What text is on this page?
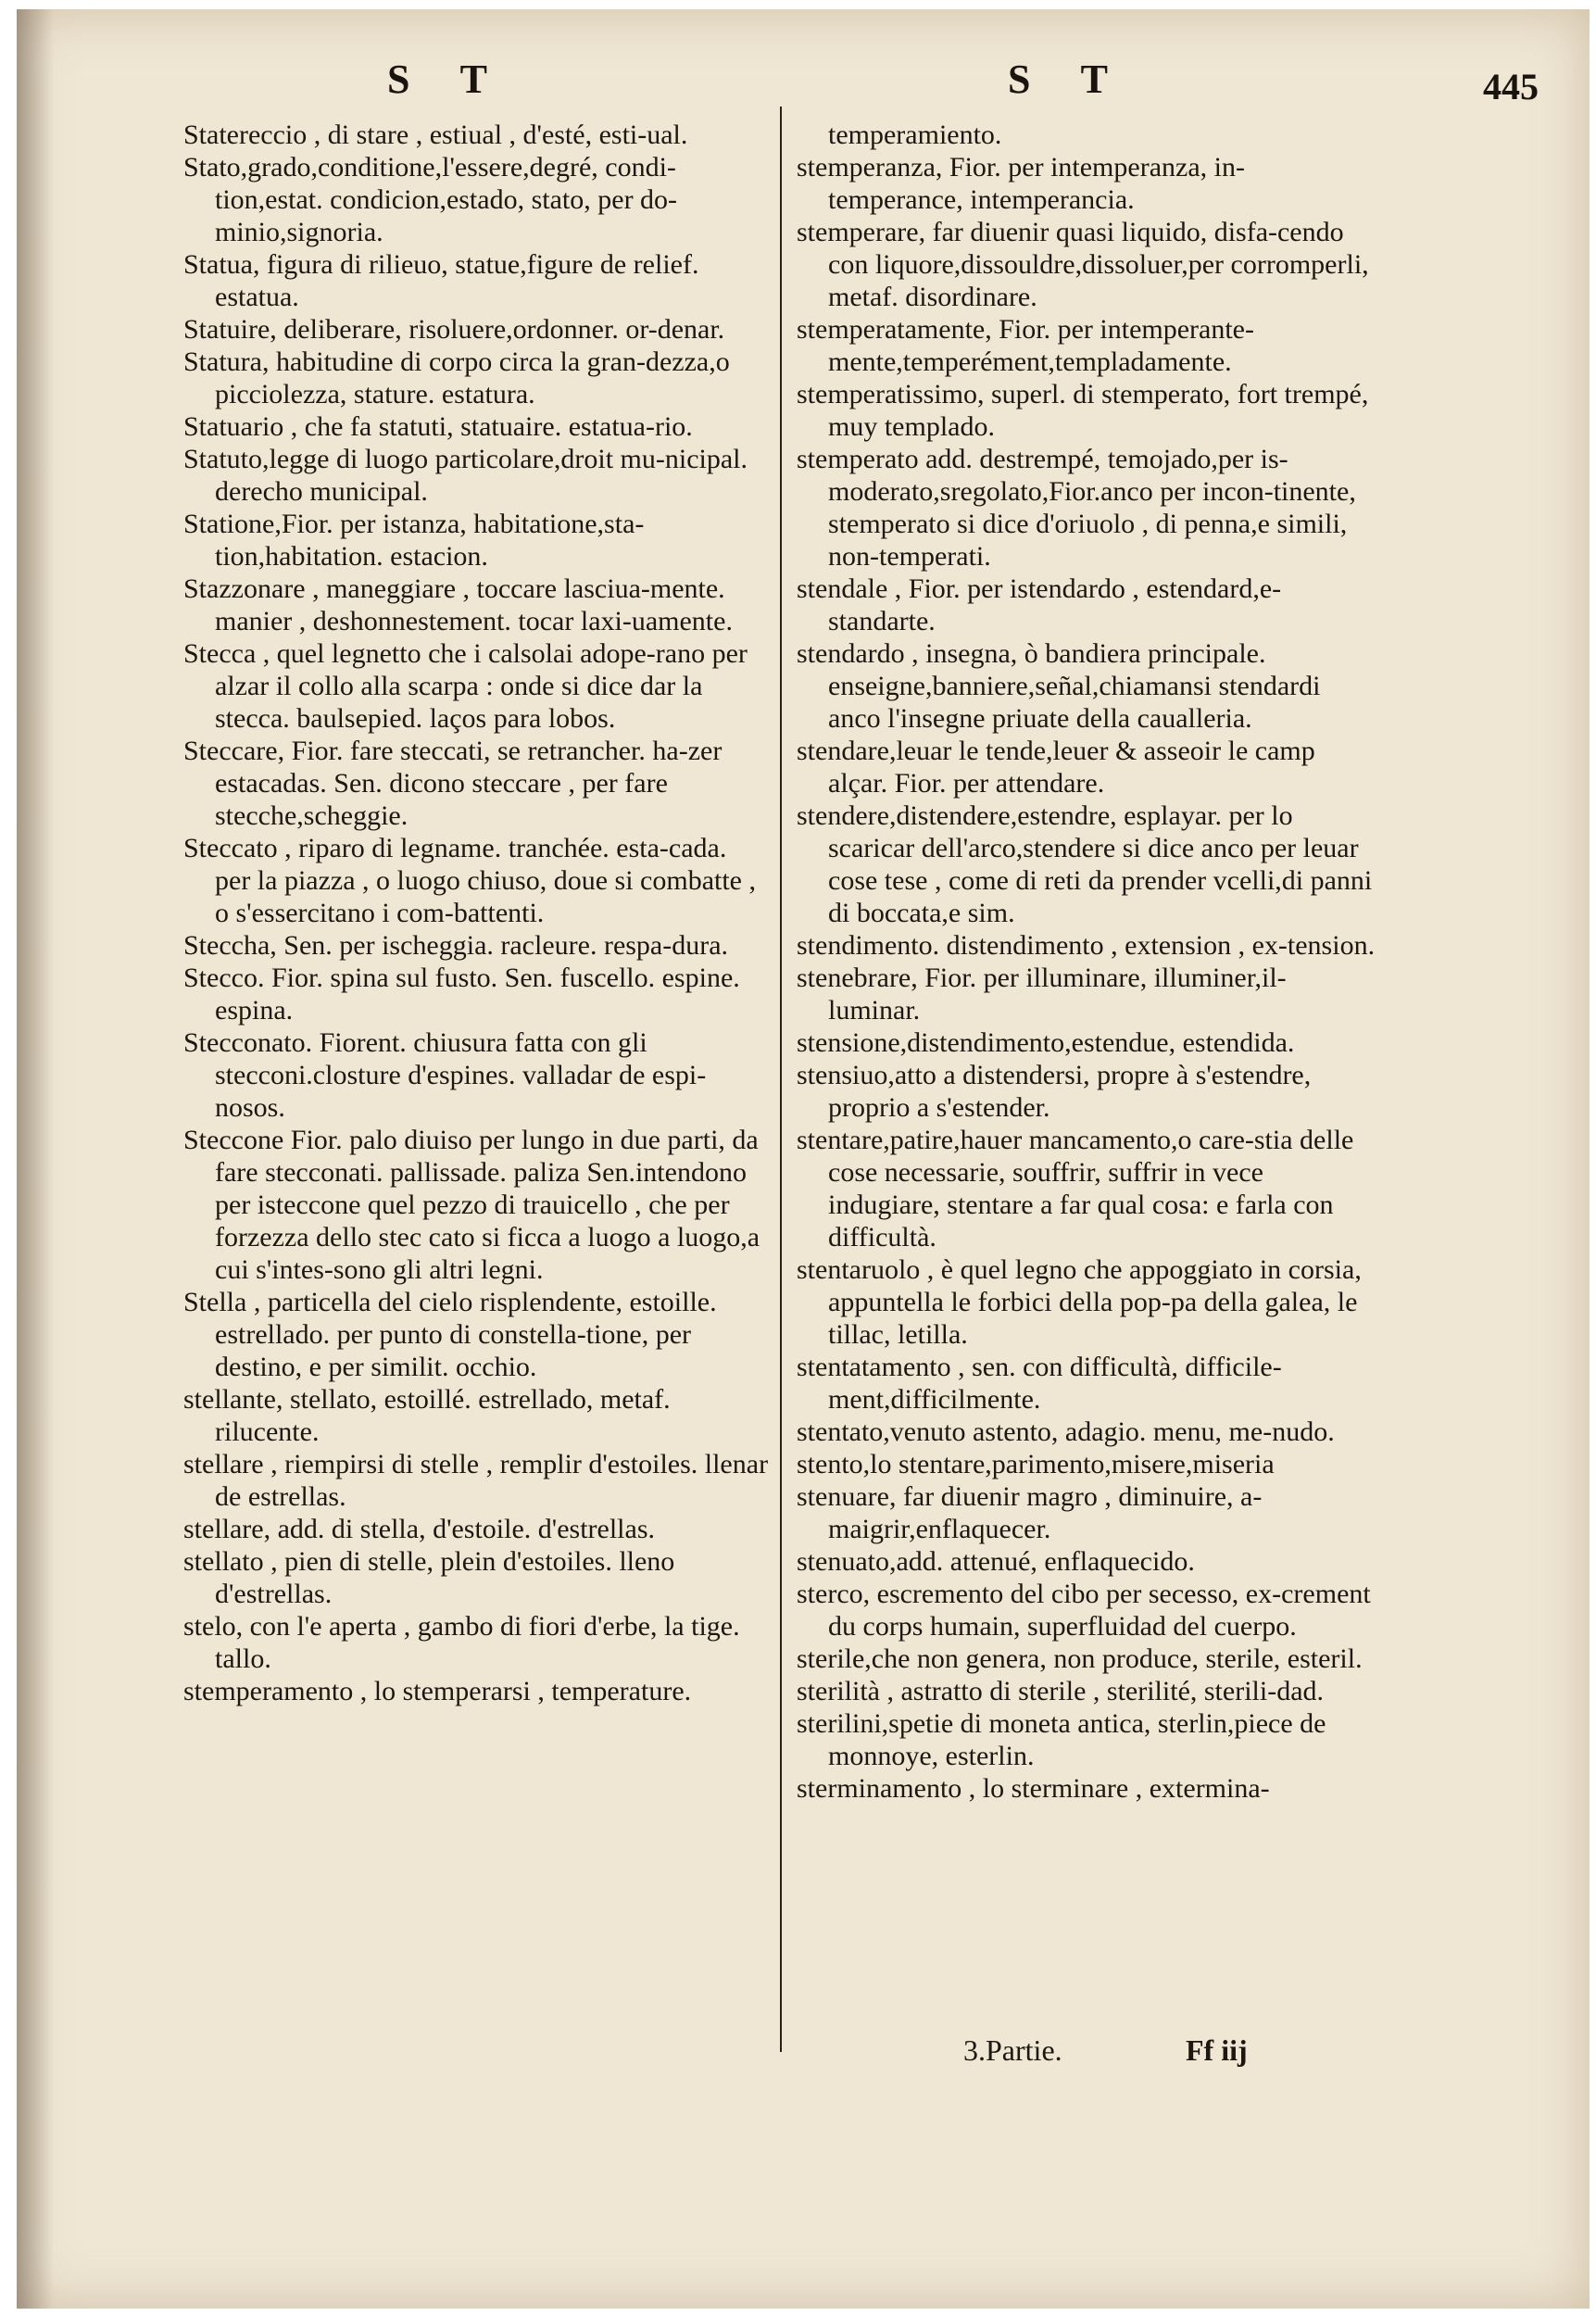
S T	S T	445

Statereccio , di stare , estiual , d'esté, esti-ual.

Stato,grado,conditione,l'essere,degré, condi-tion,estat. condicion,estado, stato, per do-minio,signoria.

Statua, figura di rilieuo, statue,figure de relief. estatua.

Statuire, deliberare, risoluere,ordonner. or-denar.

Statura, habitudine di corpo circa la gran-dezza,o picciolezza, stature. estatura.

Statuario , che fa statuti, statuaire. estatua-rio.

Statuto,legge di luogo particolare,droit mu-nicipal. derecho municipal.

Statione,Fior. per istanza, habitatione,sta-tion,habitation. estacion.

Stazzonare , maneggiare , toccare lasciua-mente. manier , deshonnestement. tocar laxi-uamente.

Stecca , quel legnetto che i calsolai adope-rano per alzar il collo alla scarpa : onde si dice dar la stecca. baulsepied. laços para lobos.

Steccare, Fior. fare steccati, se retrancher. ha-zer estacadas. Sen. dicono steccare , per fare stecche,scheggie.

Steccato , riparo di legname. tranchée. esta-cada. per la piazza , o luogo chiuso, doue si combatte , o s'essercitano i com-battenti.

Steccha, Sen. per ischeggia. racleure. respa-dura.

Stecco. Fior. spina sul fusto. Sen. fuscello. espine. espina.

Stecconato. Fiorent. chiusura fatta con gli stecconi.closture d'espines. valladar de espi-nosos.

Steccone Fior. palo diuiso per lungo in due parti, da fare stecconati. pallissade. paliza Sen.intendono per isteccone quel pezzo di trauicello , che per forzezza dello stec cato si ficca a luogo a luogo,a cui s'intes-sono gli altri legni.

Stella , particella del cielo risplendente, estoille. estrellado. per punto di constella-tione, per destino, e per similit. occhio.

stellante, stellato, estoillé. estrellado, metaf. rilucente.

stellare , riempirsi di stelle , remplir d'estoiles. llenar de estrellas.

stellare, add. di stella, d'estoile. d'estrellas.

stellato , pien di stelle, plein d'estoiles. lleno d'estrellas.

stelo, con l'e aperta , gambo di fiori d'erbe, la tige. tallo.

stemperamento , lo stemperarsi , temperature.

temperamiento.

stemperanza, Fior. per intemperanza, in-temperance, intemperancia.

stemperare, far diuenir quasi liquido, disfa-cendo con liquore,dissouldre,dissoluer,per corromperli, metaf. disordinare.

stemperatamente, Fior. per intemperante-mente,temperément,templadamente.

stemperatissimo, superl. di stemperato, fort trempé, muy templado.

stemperato add. destrempé, temojado,per is-moderato,sregolato,Fior.anco per incon-tinente, stemperato si dice d'oriuolo , di penna,e simili, non-temperati.

stendale , Fior. per istendardo , estendard,e-standarte.

stendardo , insegna, ò bandiera principale. enseigne,banniere,señal,chiamansi stendardi anco l'insegne priuate della caualleria.

stendare,leuar le tende,leuer & asseoir le camp alçar. Fior. per attendare.

stendere,distendere,estendre, esplayar. per lo scaricar dell'arco,stendere si dice anco per leuar cose tese , come di reti da prender vcelli,di panni di boccata,e sim.

stendimento. distendimento , extension , ex-tension.

stenebrare, Fior. per illuminare, illuminer,il-luminar.

stensione,distendimento,estendue, estendida.

stensiuo,atto a distendersi, propre à s'estendre, proprio a s'estender.

stentare,patire,hauer mancamento,o care-stia delle cose necessarie, souffrir, suffrir in vece indugiare, stentare a far qual cosa: e farla con difficultà.

stentaruolo , è quel legno che appoggiato in corsia, appuntella le forbici della pop-pa della galea, le tillac, letilla.

stentatamento , sen. con difficultà, difficile-ment,difficilmente.

stentato,venuto astento, adagio. menu, me-nudo.

stento,lo stentare,parimento,misere,miseria

stenuare, far diuenir magro , diminuire, a-maigrir,enflaquecer.

stenuato,add. attenué, enflaquecido.

sterco, escremento del cibo per secesso, ex-crement du corps humain, superfluidad del cuerpo.

sterile,che non genera, non produce, sterile, esteril.

sterilità , astratto di sterile , sterilité, sterili-dad.

sterilini,spetie di moneta antica, sterlin,piece de monnoye, esterlin.

sterminamento , lo sterminare , extermina-

3.Partie.	Ff iij
